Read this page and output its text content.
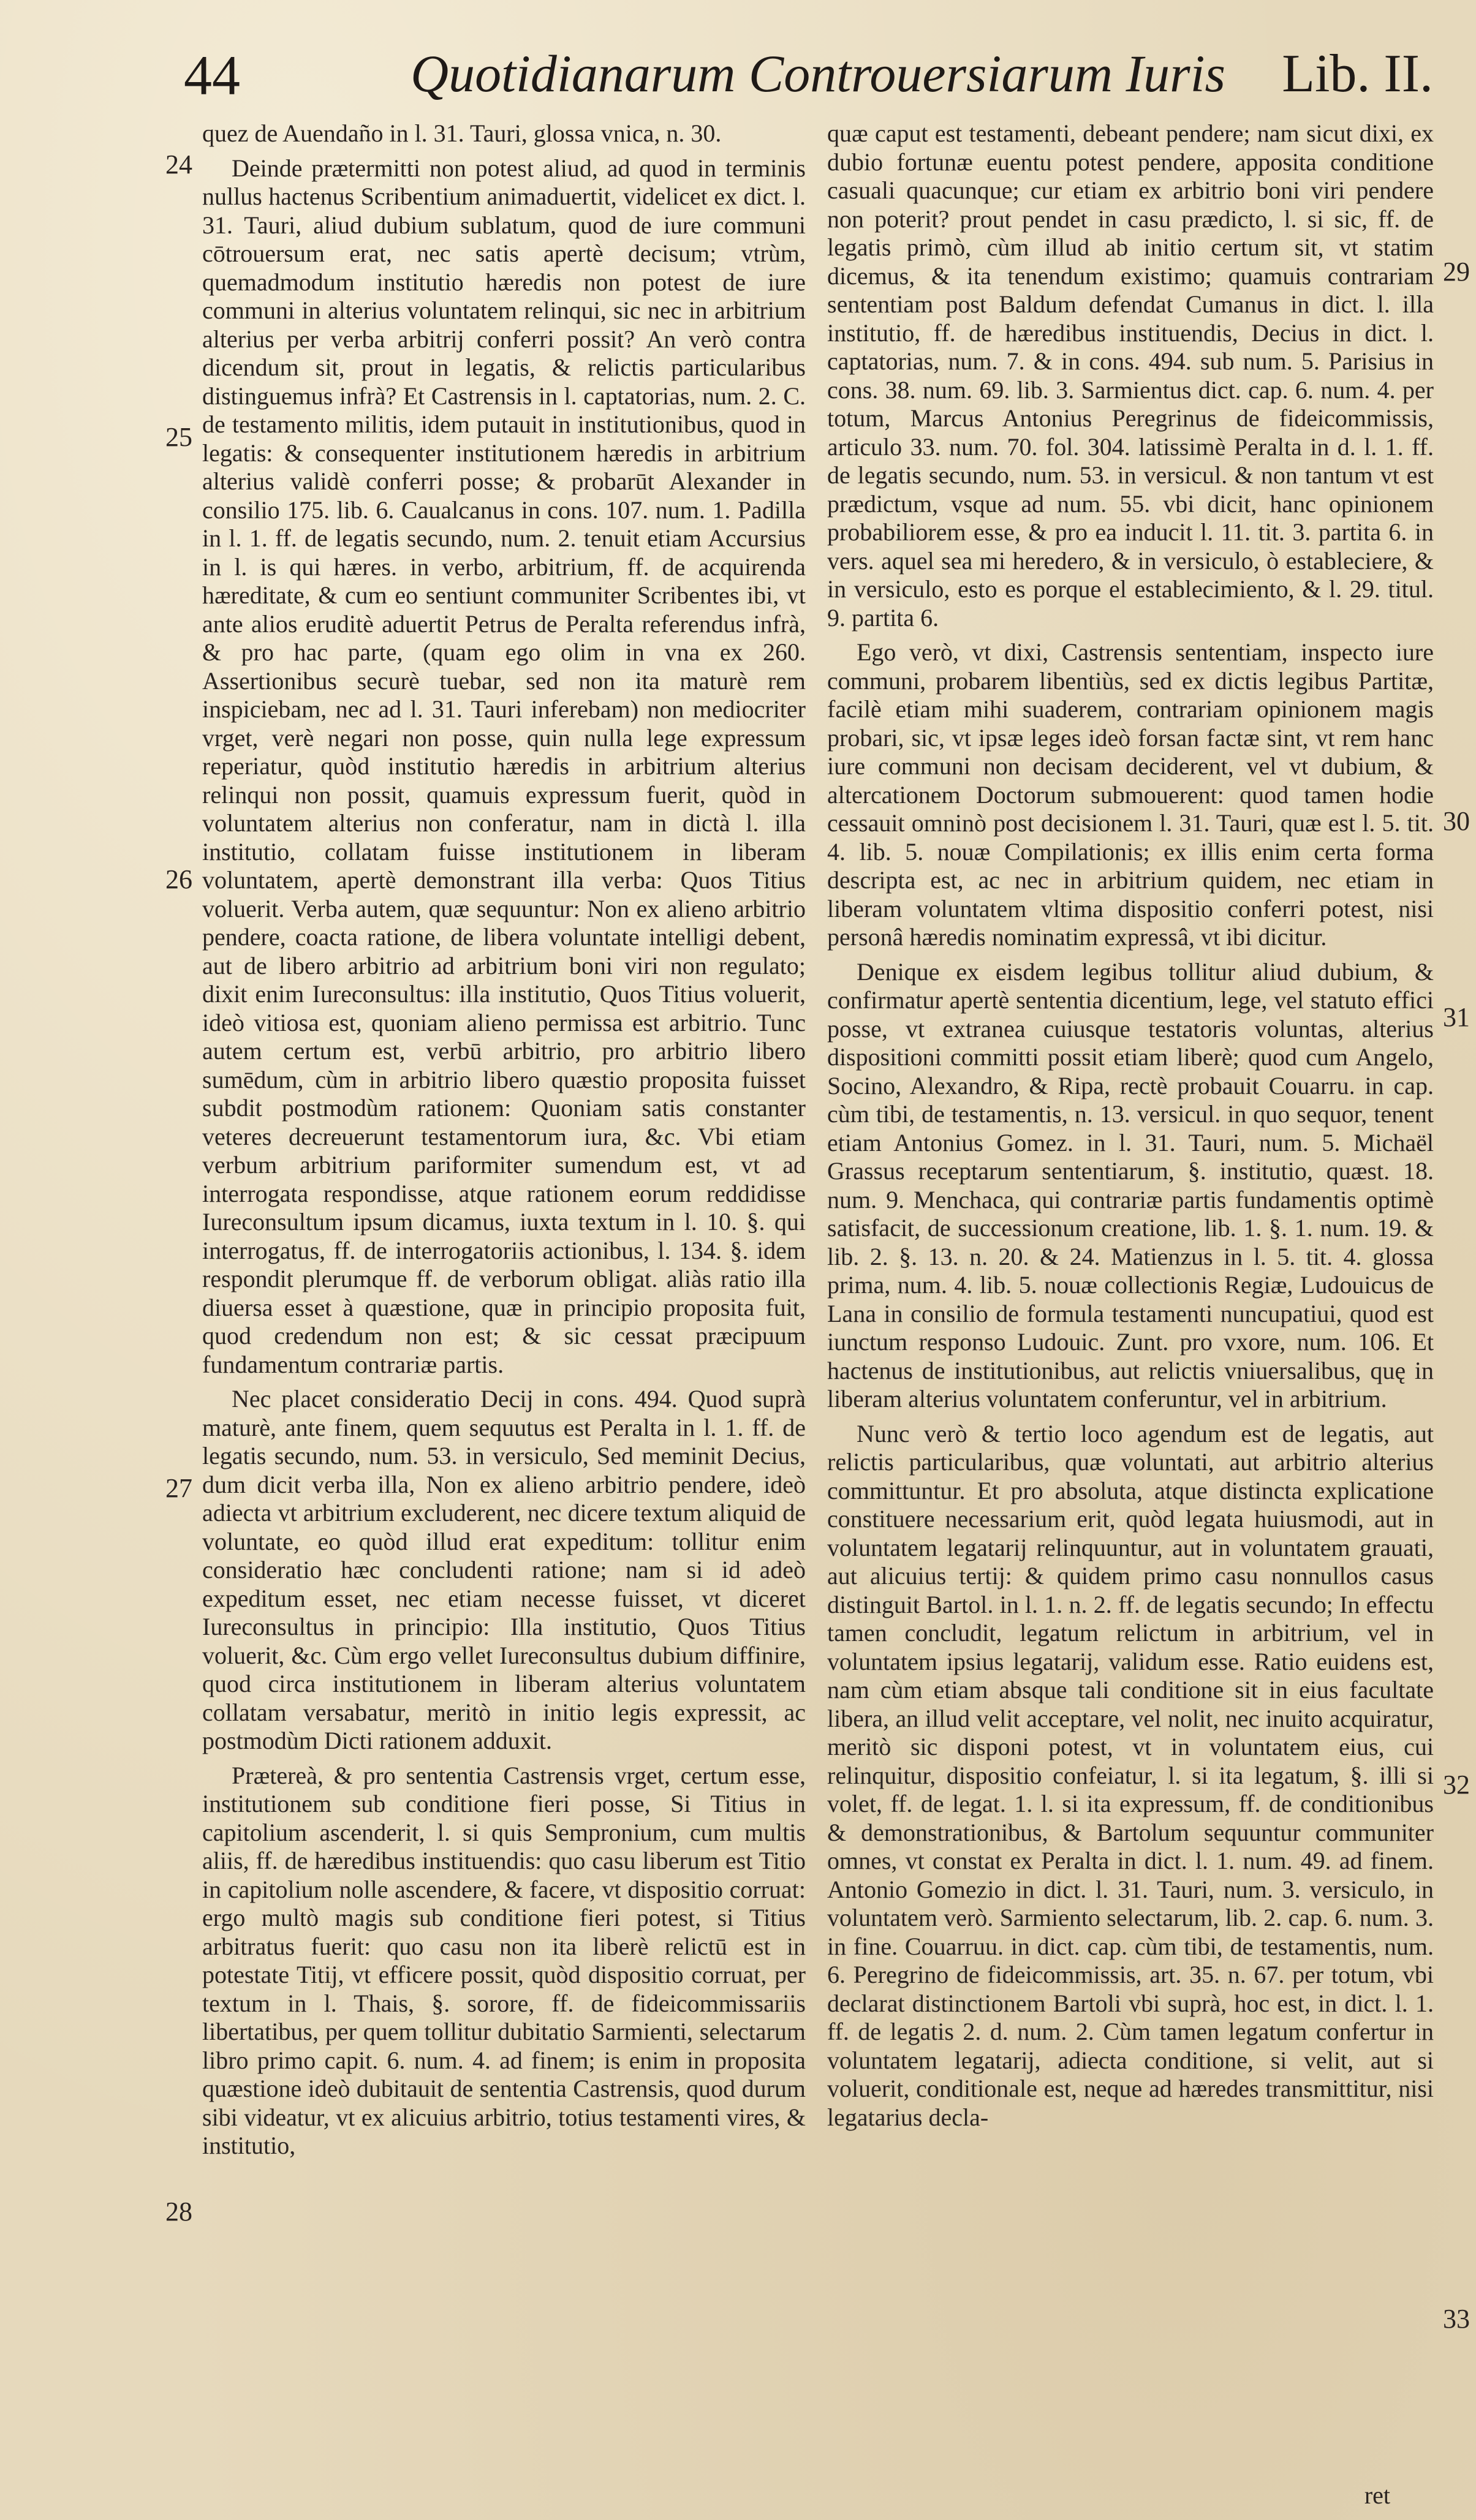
44	Quotidianarum Controuersiarum Iuris Lib. II.
24
25
26
27
28
29
30
31
32
33

quez de Auendaño in l. 31. Tauri, glossa vnica, n. 30.

Deinde prætermitti non potest aliud, ad quod in terminis nullus hactenus Scribentium animaduertit, videlicet ex dict. l. 31. Tauri, aliud dubium sublatum, quod de iure communi cōtrouersum erat, nec satis apertè decisum; vtrùm, quemadmodum institutio hæredis non potest de iure communi in alterius voluntatem relinqui, sic nec in arbitrium alterius per verba arbitrij conferri possit? An verò contra dicendum sit, prout in legatis, & relictis particularibus distinguemus infrà? Et Castrensis in l. captatorias, num. 2. C. de testamento militis, idem putauit in institutionibus, quod in legatis: & consequenter institutionem hæredis in arbitrium alterius validè conferri posse; & probarūt Alexander in consilio 175. lib. 6. Caualcanus in cons. 107. num. 1. Padilla in l. 1. ff. de legatis secundo, num. 2. tenuit etiam Accursius in l. is qui hæres. in verbo, arbitrium, ff. de acquirenda hæreditate, & cum eo sentiunt communiter Scribentes ibi, vt ante alios eruditè aduertit Petrus de Peralta referendus infrà, & pro hac parte, (quam ego olim in vna ex 260. Assertionibus securè tuebar, sed non ita maturè rem inspiciebam, nec ad l. 31. Tauri inferebam) non mediocriter vrget, verè negari non posse, quin nulla lege expressum reperiatur, quòd institutio hæredis in arbitrium alterius relinqui non possit, quamuis expressum fuerit, quòd in voluntatem alterius non conferatur, nam in dictà l. illa institutio, collatam fuisse institutionem in liberam voluntatem, apertè demonstrant illa verba: Quos Titius voluerit. Verba autem, quæ sequuntur: Non ex alieno arbitrio pendere, coacta ratione, de libera voluntate intelligi debent, aut de libero arbitrio ad arbitrium boni viri non regulato; dixit enim Iureconsultus: illa institutio, Quos Titius voluerit, ideò vitiosa est, quoniam alieno permissa est arbitrio. Tunc autem certum est, verbū arbitrio, pro arbitrio libero sumēdum, cùm in arbitrio libero quæstio proposita fuisset subdit postmodùm rationem: Quoniam satis constanter veteres decreuerunt testamentorum iura, &c. Vbi etiam verbum arbitrium pariformiter sumendum est, vt ad interrogata respondisse, atque rationem eorum reddidisse Iureconsultum ipsum dicamus, iuxta textum in l. 10. §. qui interrogatus, ff. de interrogatoriis actionibus, l. 134. §. idem respondit plerumque ff. de verborum obligat. aliàs ratio illa diuersa esset à quæstione, quæ in principio proposita fuit, quod credendum non est; & sic cessat præcipuum fundamentum contrariæ partis.

Nec placet consideratio Decij in cons. 494. Quod suprà maturè, ante finem, quem sequutus est Peralta in l. 1. ff. de legatis secundo, num. 53. in versiculo, Sed meminit Decius, dum dicit verba illa, Non ex alieno arbitrio pendere, ideò adiecta vt arbitrium excluderent, nec dicere textum aliquid de voluntate, eo quòd illud erat expeditum: tollitur enim consideratio hæc concludenti ratione; nam si id adeò expeditum esset, nec etiam necesse fuisset, vt diceret Iureconsultus in principio: Illa institutio, Quos Titius voluerit, &c. Cùm ergo vellet Iureconsultus dubium diffinire, quod circa institutionem in liberam alterius voluntatem collatam versabatur, meritò in initio legis expressit, ac postmodùm Dicti rationem adduxit.

Prætereà, & pro sententia Castrensis vrget, certum esse, institutionem sub conditione fieri posse, Si Titius in capitolium ascenderit, l. si quis Sempronium, cum multis aliis, ff. de hæredibus instituendis: quo casu liberum est Titio in capitolium nolle ascendere, & facere, vt dispositio corruat: ergo multò magis sub conditione fieri potest, si Titius arbitratus fuerit: quo casu non ita liberè relictū est in potestate Titij, vt efficere possit, quòd dispositio corruat, per textum in l. Thais, §. sorore, ff. de fideicommissariis libertatibus, per quem tollitur dubitatio Sarmienti, selectarum libro primo capit. 6. num. 4. ad finem; is enim in proposita quæstione ideò dubitauit de sententia Castrensis, quod durum sibi videatur, vt ex alicuius arbitrio, totius testamenti vires, & institutio,

quæ caput est testamenti, debeant pendere; nam sicut dixi, ex dubio fortunæ euentu potest pendere, apposita conditione casuali quacunque; cur etiam ex arbitrio boni viri pendere non poterit? prout pendet in casu prædicto, l. si sic, ff. de legatis primò, cùm illud ab initio certum sit, vt statim dicemus, & ita tenendum existimo; quamuis contrariam sententiam post Baldum defendat Cumanus in dict. l. illa institutio, ff. de hæredibus instituendis, Decius in dict. l. captatorias, num. 7. & in cons. 494. sub num. 5. Parisius in cons. 38. num. 69. lib. 3. Sarmientus dict. cap. 6. num. 4. per totum, Marcus Antonius Peregrinus de fideicommissis, articulo 33. num. 70. fol. 304. latissimè Peralta in d. l. 1. ff. de legatis secundo, num. 53. in versicul. & non tantum vt est prædictum, vsque ad num. 55. vbi dicit, hanc opinionem probabiliorem esse, & pro ea inducit l. 11. tit. 3. partita 6. in vers. aquel sea mi heredero, & in versiculo, ò estableciere, & in versiculo, esto es porque el establecimiento, & l. 29. titul. 9. partita 6.

Ego verò, vt dixi, Castrensis sententiam, inspecto iure communi, probarem libentiùs, sed ex dictis legibus Partitæ, facilè etiam mihi suaderem, contrariam opinionem magis probari, sic, vt ipsæ leges ideò forsan factæ sint, vt rem hanc iure communi non decisam deciderent, vel vt dubium, & altercationem Doctorum submouerent: quod tamen hodie cessauit omninò post decisionem l. 31. Tauri, quæ est l. 5. tit. 4. lib. 5. nouæ Compilationis; ex illis enim certa forma descripta est, ac nec in arbitrium quidem, nec etiam in liberam voluntatem vltima dispositio conferri potest, nisi personâ hæredis nominatim expressâ, vt ibi dicitur.

Denique ex eisdem legibus tollitur aliud dubium, & confirmatur apertè sententia dicentium, lege, vel statuto effici posse, vt extranea cuiusque testatoris voluntas, alterius dispositioni committi possit etiam liberè; quod cum Angelo, Socino, Alexandro, & Ripa, rectè probauit Couarru. in cap. cùm tibi, de testamentis, n. 13. versicul. in quo sequor, tenent etiam Antonius Gomez. in l. 31. Tauri, num. 5. Michaël Grassus receptarum sententiarum, §. institutio, quæst. 18. num. 9. Menchaca, qui contrariæ partis fundamentis optimè satisfacit, de successionum creatione, lib. 1. §. 1. num. 19. & lib. 2. §. 13. n. 20. & 24. Matienzus in l. 5. tit. 4. glossa prima, num. 4. lib. 5. nouæ collectionis Regiæ, Ludouicus de Lana in consilio de formula testamenti nuncupatiui, quod est iunctum responso Ludouic. Zunt. pro vxore, num. 106. Et hactenus de institutionibus, aut relictis vniuersalibus, quę in liberam alterius voluntatem conferuntur, vel in arbitrium.

Nunc verò & tertio loco agendum est de legatis, aut relictis particularibus, quæ voluntati, aut arbitrio alterius committuntur. Et pro absoluta, atque distincta explicatione constituere necessarium erit, quòd legata huiusmodi, aut in voluntatem legatarij relinquuntur, aut in voluntatem grauati, aut alicuius tertij: & quidem primo casu nonnullos casus distinguit Bartol. in l. 1. n. 2. ff. de legatis secundo; In effectu tamen concludit, legatum relictum in arbitrium, vel in voluntatem ipsius legatarij, validum esse. Ratio euidens est, nam cùm etiam absque tali conditione sit in eius facultate libera, an illud velit acceptare, vel nolit, nec inuito acquiratur, meritò sic disponi potest, vt in voluntatem eius, cui relinquitur, dispositio confeiatur, l. si ita legatum, §. illi si volet, ff. de legat. 1. l. si ita expressum, ff. de conditionibus & demonstrationibus, & Bartolum sequuntur communiter omnes, vt constat ex Peralta in dict. l. 1. num. 49. ad finem. Antonio Gomezio in dict. l. 31. Tauri, num. 3. versiculo, in voluntatem verò. Sarmiento selectarum, lib. 2. cap. 6. num. 3. in fine. Couarruu. in dict. cap. cùm tibi, de testamentis, num. 6. Peregrino de fideicommissis, art. 35. n. 67. per totum, vbi declarat distinctionem Bartoli vbi suprà, hoc est, in dict. l. 1. ff. de legatis 2. d. num. 2. Cùm tamen legatum confertur in voluntatem legatarij, adiecta conditione, si velit, aut si voluerit, conditionale est, neque ad hæredes transmittitur, nisi legatarius decla-

ret
